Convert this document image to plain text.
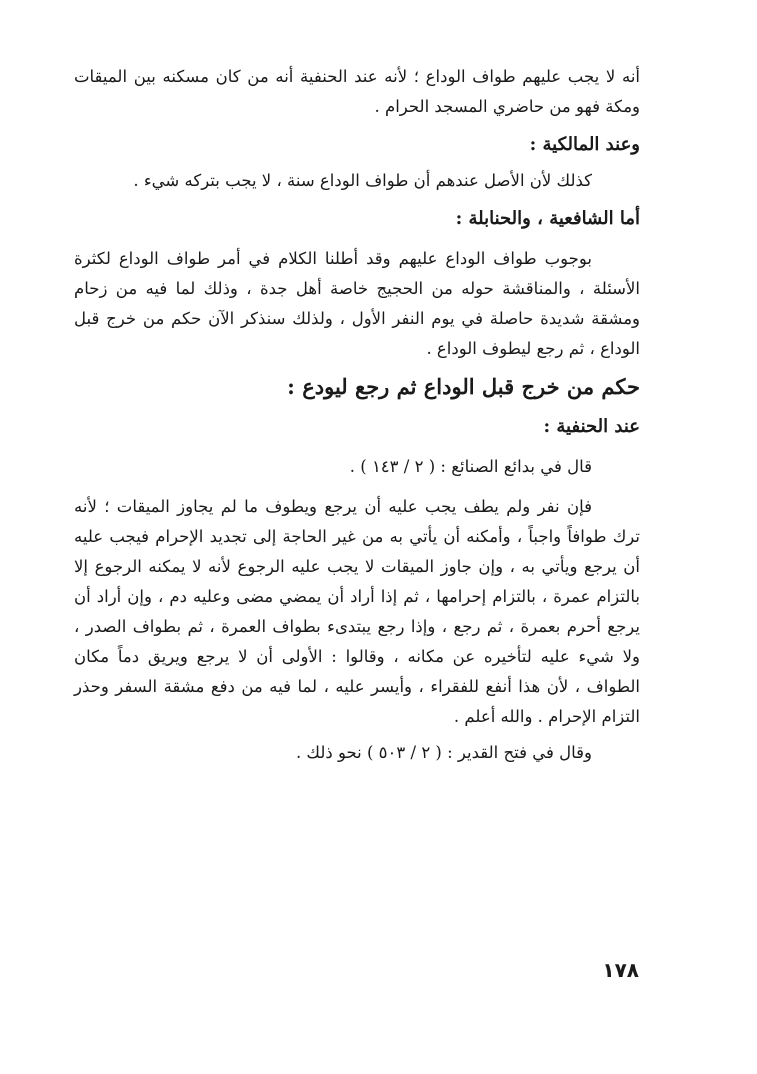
أنه لا يجب عليهم طواف الوداع ؛ لأنه عند الحنفية أنه من كان مسكنه بين الميقات ومكة فهو من حاضري المسجد الحرام .

وعند المالكية :

كذلك لأن الأصل عندهم أن طواف الوداع سنة ، لا يجب بتركه شيء .

أما الشافعية ، والحنابلة :

بوجوب طواف الوداع عليهم وقد أطلنا الكلام في أمر طواف الوداع لكثرة الأسئلة ، والمناقشة حوله من الحجيج خاصة أهل جدة ، وذلك لما فيه من زحام ومشقة شديدة حاصلة في يوم النفر الأول ، ولذلك سنذكر الآن حكم من خرج قبل الوداع ، ثم رجع ليطوف الوداع .

حكم من خرج قبل الوداع ثم رجع ليودع :
عند الحنفية :

قال في بدائع الصنائع : ( ٢ / ١٤٣ ) .

فإن نفر ولم يطف يجب عليه أن يرجع ويطوف ما لم يجاوز الميقات ؛ لأنه ترك طوافاً واجباً ، وأمكنه أن يأتي به من غير الحاجة إلى تجديد الإحرام فيجب عليه أن يرجع ويأتي به ، وإن جاوز الميقات لا يجب عليه الرجوع لأنه لا يمكنه الرجوع إلا بالتزام عمرة ، بالتزام إحرامها ، ثم إذا أراد أن يمضي مضى وعليه دم ، وإن أراد أن يرجع أحرم بعمرة ، ثم رجع ، وإذا رجع يبتدىء بطواف العمرة ، ثم بطواف الصدر ، ولا شيء عليه لتأخيره عن مكانه ، وقالوا : الأولى أن لا يرجع ويريق دماً مكان الطواف ، لأن هذا أنفع للفقراء ، وأيسر عليه ، لما فيه من دفع مشقة السفر وحذر التزام الإحرام . والله أعلم .

وقال في فتح القدير : ( ٢ / ٥٠٣ ) نحو ذلك .

١٧٨
